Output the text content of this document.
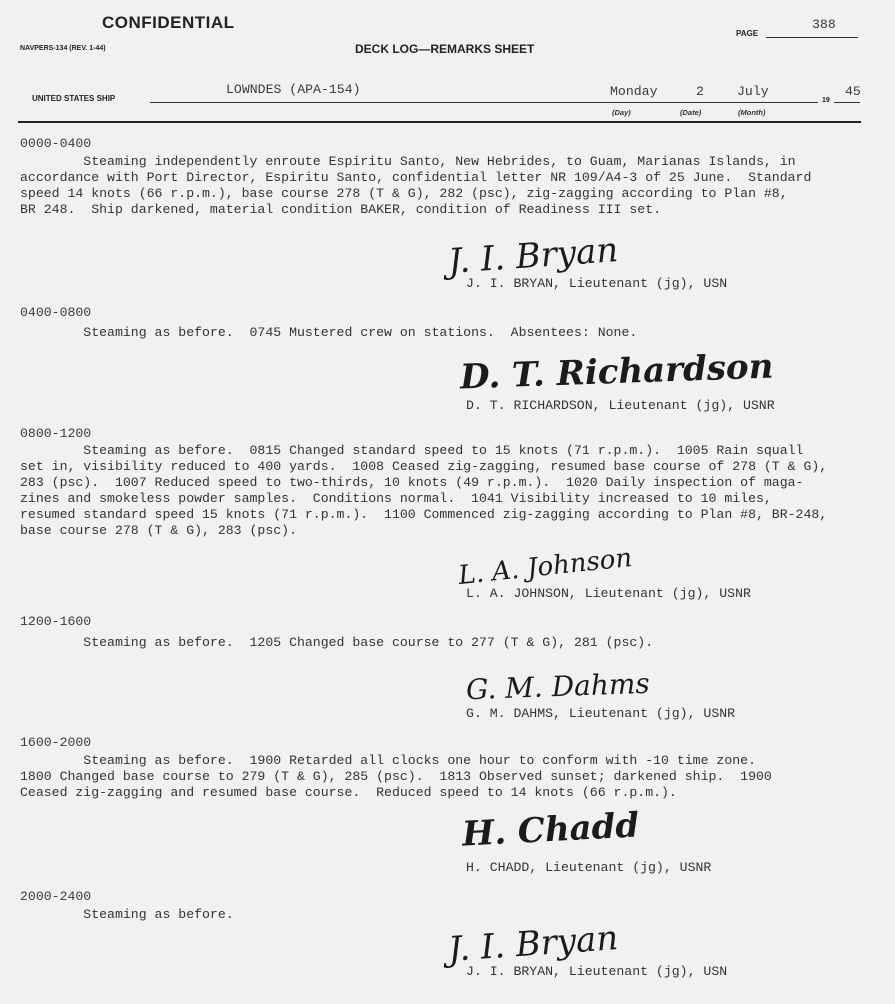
CONFIDENTIAL
NAVPERS-134 (REV. 1-44)	DECK LOG—REMARKS SHEET
PAGE
388
UNITED STATES SHIP
LOWNDES (APA-154)	Monday	2	July
19
45
(Day)	(Date)	(Month)
0000-0400
Steaming independently enroute Espiritu Santo, New Hebrides, to Guam, Marianas Islands, in
accordance with Port Director, Espiritu Santo, confidential letter NR 109/A4-3 of 25 June.  Standard
speed 14 knots (66 r.p.m.), base course 278 (T & G), 282 (psc), zig-zagging according to Plan #8,
BR 248.  Ship darkened, material condition BAKER, condition of Readiness III set.
J. I. Bryan
J. I. BRYAN, Lieutenant (jg), USN
0400-0800
Steaming as before.  0745 Mustered crew on stations.  Absentees: None.
D. T. Richardson
D. T. RICHARDSON, Lieutenant (jg), USNR
0800-1200
Steaming as before.  0815 Changed standard speed to 15 knots (71 r.p.m.).  1005 Rain squall
set in, visibility reduced to 400 yards.  1008 Ceased zig-zagging, resumed base course of 278 (T & G),
283 (psc).  1007 Reduced speed to two-thirds, 10 knots (49 r.p.m.).  1020 Daily inspection of maga-
zines and smokeless powder samples.  Conditions normal.  1041 Visibility increased to 10 miles,
resumed standard speed 15 knots (71 r.p.m.).  1100 Commenced zig-zagging according to Plan #8, BR-248,
base course 278 (T & G), 283 (psc).
L. A. Johnson
L. A. JOHNSON, Lieutenant (jg), USNR
1200-1600
Steaming as before.  1205 Changed base course to 277 (T & G), 281 (psc).
G. M. Dahms
G. M. DAHMS, Lieutenant (jg), USNR
1600-2000
Steaming as before.  1900 Retarded all clocks one hour to conform with -10 time zone.
1800 Changed base course to 279 (T & G), 285 (psc).  1813 Observed sunset; darkened ship.  1900
Ceased zig-zagging and resumed base course.  Reduced speed to 14 knots (66 r.p.m.).
H. Chadd
H. CHADD, Lieutenant (jg), USNR
2000-2400
Steaming as before.
J. I. Bryan
J. I. BRYAN, Lieutenant (jg), USN
